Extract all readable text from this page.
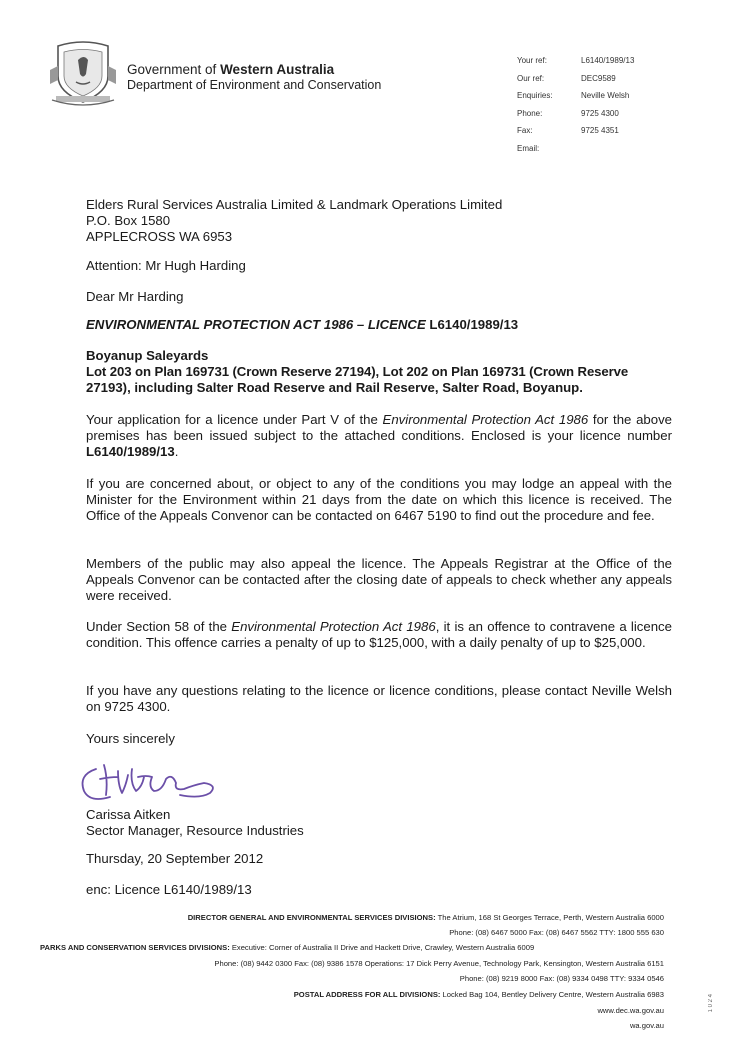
Government of Western Australia
Department of Environment and Conservation
Your ref:	L6140/1989/13
Our ref:	DEC9589
Enquiries:	Neville Welsh
Phone:	9725 4300
Fax:	9725 4351
Email:
Elders Rural Services Australia Limited & Landmark Operations Limited
P.O. Box 1580
APPLECROSS WA 6953
Attention: Mr Hugh Harding
Dear Mr Harding
ENVIRONMENTAL PROTECTION ACT 1986 – LICENCE L6140/1989/13
Boyanup Saleyards
Lot 203 on Plan 169731 (Crown Reserve 27194), Lot 202 on Plan 169731 (Crown Reserve
27193), including Salter Road Reserve and Rail Reserve, Salter Road, Boyanup.
Your application for a licence under Part V of the Environmental Protection Act 1986 for the above premises has been issued subject to the attached conditions. Enclosed is your licence number L6140/1989/13.
If you are concerned about, or object to any of the conditions you may lodge an appeal with the Minister for the Environment within 21 days from the date on which this licence is received. The Office of the Appeals Convenor can be contacted on 6467 5190 to find out the procedure and fee.
Members of the public may also appeal the licence. The Appeals Registrar at the Office of the Appeals Convenor can be contacted after the closing date of appeals to check whether any appeals were received.
Under Section 58 of the Environmental Protection Act 1986, it is an offence to contravene a licence condition. This offence carries a penalty of up to $125,000, with a daily penalty of up to $25,000.
If you have any questions relating to the licence or licence conditions, please contact Neville Welsh on 9725 4300.
Yours sincerely
Carissa Aitken
Sector Manager, Resource Industries
Thursday, 20 September 2012
enc: Licence L6140/1989/13
DIRECTOR GENERAL AND ENVIRONMENTAL SERVICES DIVISIONS: The Atrium, 168 St Georges Terrace, Perth, Western Australia 6000
Phone: (08) 6467 5000 Fax: (08) 6467 5562 TTY: 1800 555 630
PARKS AND CONSERVATION SERVICES DIVISIONS: Executive: Corner of Australia II Drive and Hackett Drive, Crawley, Western Australia 6009
Phone: (08) 9442 0300 Fax: (08) 9386 1578 Operations: 17 Dick Perry Avenue, Technology Park, Kensington, Western Australia 6151
Phone: (08) 9219 8000 Fax: (08) 9334 0498 TTY: 9334 0546
POSTAL ADDRESS FOR ALL DIVISIONS: Locked Bag 104, Bentley Delivery Centre, Western Australia 6983
www.dec.wa.gov.au
wa.gov.au
1 0 2 4
